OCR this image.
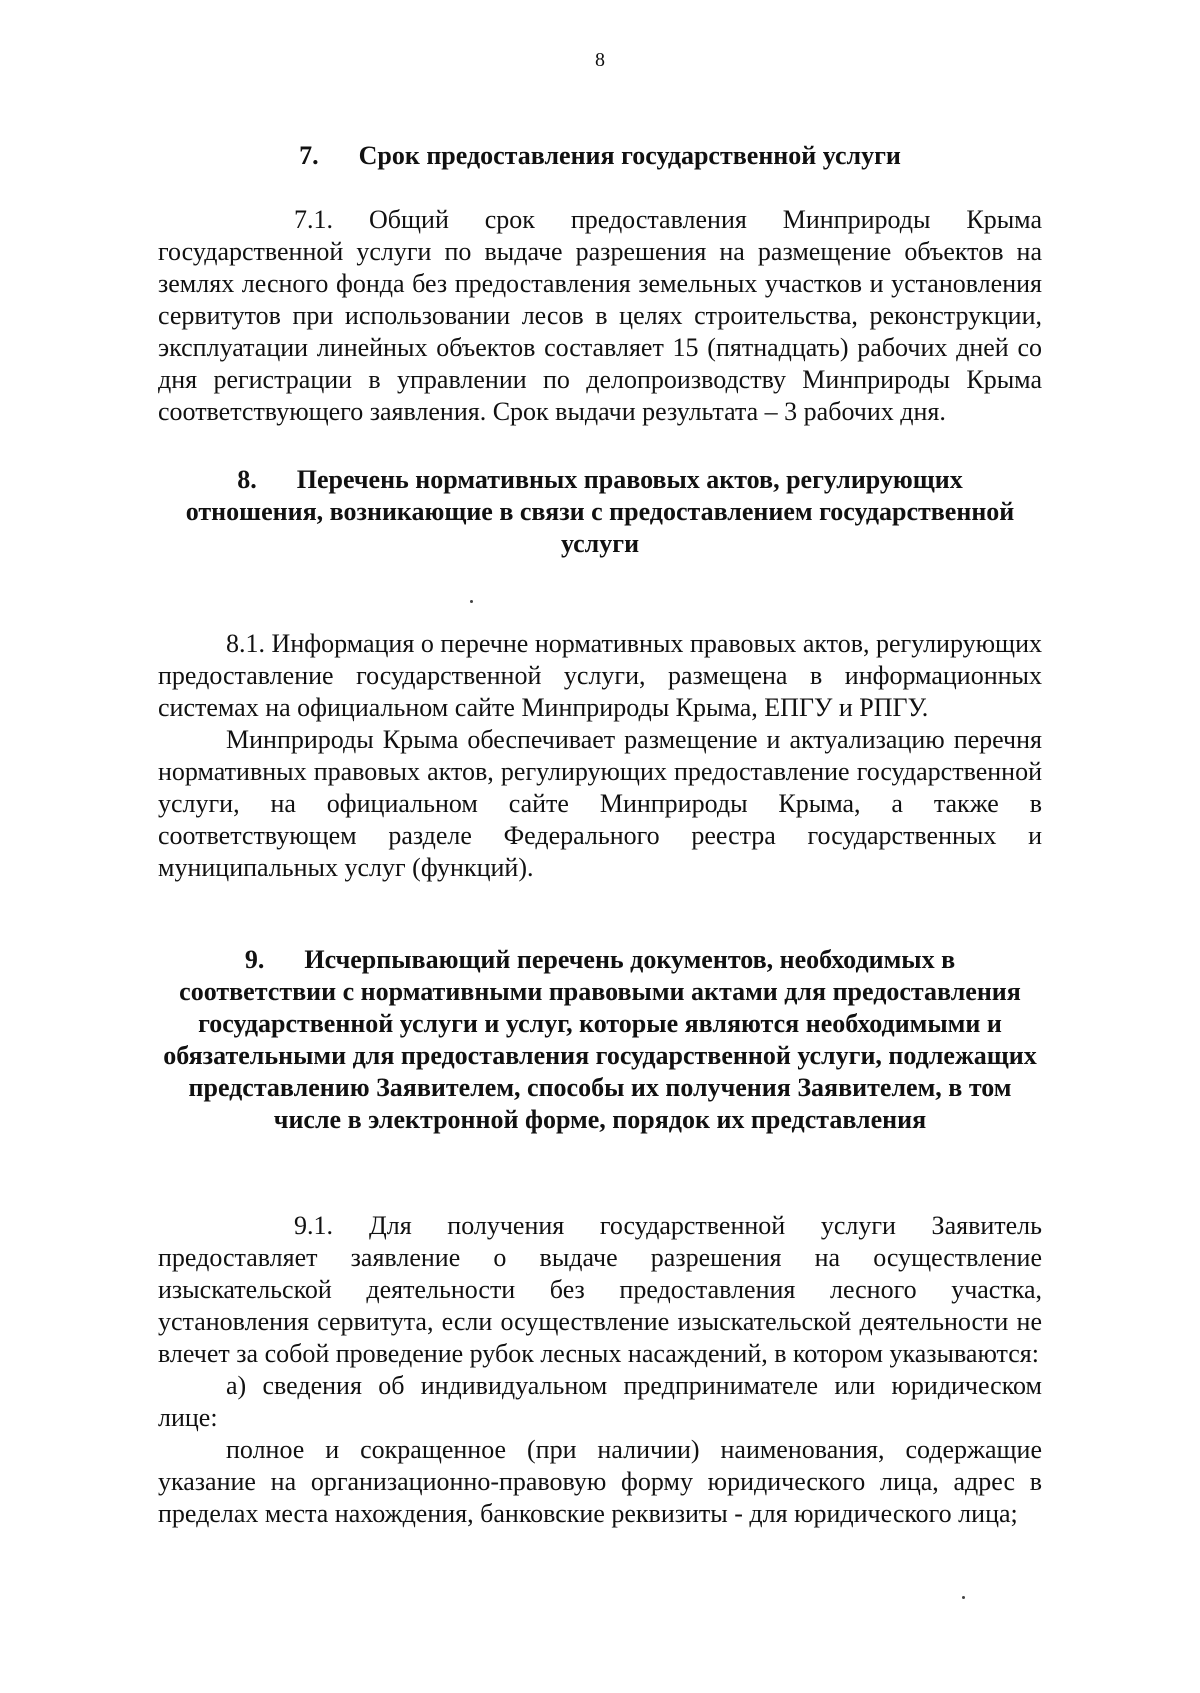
8
7. Срок предоставления государственной услуги

7.1. Общий срок предоставления Минприроды Крыма государственной услуги по выдаче разрешения на размещение объектов на землях лесного фонда без предоставления земельных участков и установления сервитутов при использовании лесов в целях строительства, реконструкции, эксплуатации линейных объектов составляет 15 (пятнадцать) рабочих дней со дня регистрации в управлении по делопроизводству Минприроды Крыма соответствующего заявления. Срок выдачи результата – 3 рабочих дня.

8. Перечень нормативных правовых актов, регулирующих
отношения, возникающие в связи с предоставлением государственной
услуги

8.1. Информация о перечне нормативных правовых актов, регулирующих предоставление государственной услуги, размещена в информационных системах на официальном сайте Минприроды Крыма, ЕПГУ и РПГУ.

Минприроды Крыма обеспечивает размещение и актуализацию перечня нормативных правовых актов, регулирующих предоставление государственной услуги, на официальном сайте Минприроды Крыма, а также в соответствующем разделе Федерального реестра государственных и муниципальных услуг (функций).

9. Исчерпывающий перечень документов, необходимых в
соответствии с нормативными правовыми актами для предоставления
государственной услуги и услуг, которые являются необходимыми и
обязательными для предоставления государственной услуги, подлежащих
представлению Заявителем, способы их получения Заявителем, в том
числе в электронной форме, порядок их представления

9.1. Для получения государственной услуги Заявитель предоставляет заявление о выдаче разрешения на осуществление изыскательской деятельности без предоставления лесного участка, установления сервитута, если осуществление изыскательской деятельности не влечет за собой проведение рубок лесных насаждений, в котором указываются:

а) сведения об индивидуальном предпринимателе или юридическом лице:

полное и сокращенное (при наличии) наименования, содержащие указание на организационно-правовую форму юридического лица, адрес в пределах места нахождения, банковские реквизиты - для юридического лица;
